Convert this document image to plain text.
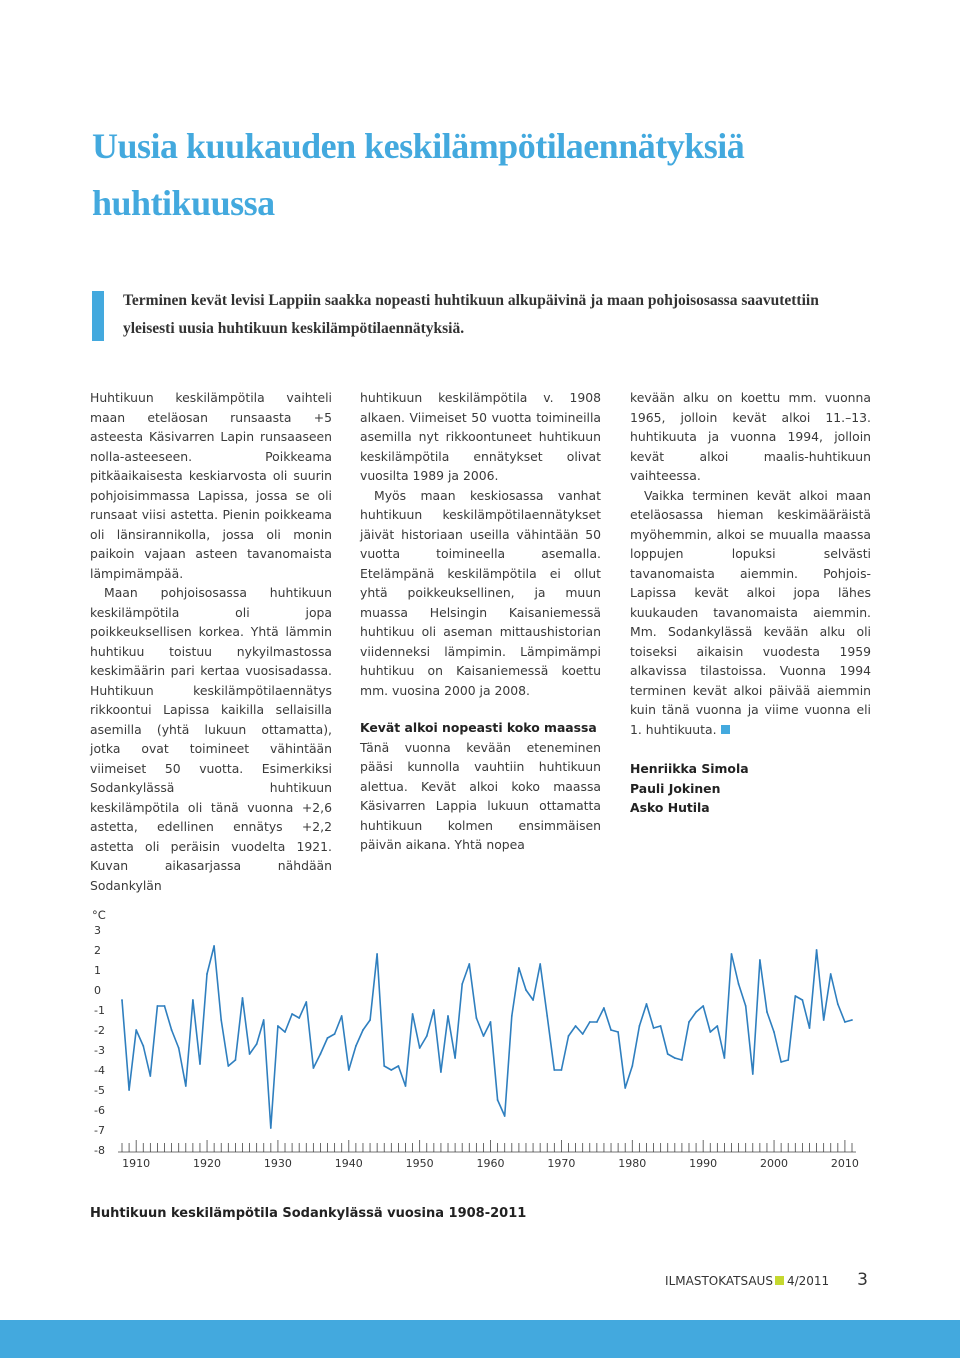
Uusia kuukauden keskilämpötilaennätyksiä huhtikuussa

Terminen kevät levisi Lappiin saakka nopeasti huhtikuun alkupäivinä ja maan pohjoisosassa saavutettiin yleisesti uusia huhtikuun keskilämpötilaennätyksiä.

Huhtikuun keskilämpötila vaihteli maan eteläosan runsaasta +5 asteesta Käsivarren Lapin runsaaseen nolla-asteeseen. Poikkeama pitkäaikaisesta keskiarvosta oli suurin pohjoisimmassa Lapissa, jossa se oli runsaat viisi astetta. Pienin poikkeama oli länsirannikolla, jossa oli monin paikoin vajaan asteen tavanomaista lämpimämpää.

Maan pohjoisosassa huhtikuun keskilämpötila oli jopa poikkeuksellisen korkea. Yhtä lämmin huhtikuu toistuu nykyilmastossa keskimäärin pari kertaa vuosisadassa. Huhtikuun keskilämpötilaennätys rikkoontui Lapissa kaikilla sellaisilla asemilla (yhtä lukuun ottamatta), jotka ovat toimineet vähintään viimeiset 50 vuotta. Esimerkiksi Sodankylässä huhtikuun keskilämpötila oli tänä vuonna +2,6 astetta, edellinen ennätys +2,2 astetta oli peräisin vuodelta 1921. Kuvan aikasarjassa nähdään Sodankylän

huhtikuun keskilämpötila v. 1908 alkaen. Viimeiset 50 vuotta toimineilla asemilla nyt rikkoontuneet huhtikuun keskilämpötila ennätykset olivat vuosilta 1989 ja 2006.

Myös maan keskiosassa vanhat huhtikuun keskilämpötilaennätykset jäivät historiaan useilla vähintään 50 vuotta toimineella asemalla. Etelämpänä keskilämpötila ei ollut yhtä poikkeuksellinen, ja muun muassa Helsingin Kaisaniemessä huhtikuu oli aseman mittaushistorian viidenneksi lämpimin. Lämpimämpi huhtikuu on Kaisaniemessä koettu mm. vuosina 2000 ja 2008.

Kevät alkoi nopeasti koko maassa

Tänä vuonna kevään eteneminen pääsi kunnolla vauhtiin huhtikuun alettua. Kevät alkoi koko maassa Käsivarren Lappia lukuun ottamatta huhtikuun kolmen ensimmäisen päivän aikana. Yhtä nopea

kevään alku on koettu mm. vuonna 1965, jolloin kevät alkoi 11.–13. huhtikuuta ja vuonna 1994, jolloin kevät alkoi maalis-huhtikuun vaihteessa.

Vaikka terminen kevät alkoi maan eteläosassa hieman keskimääräistä myöhemmin, alkoi se muualla maassa loppujen lopuksi selvästi tavanomaista aiemmin. Pohjois-Lapissa kevät alkoi jopa lähes kuukauden tavanomaista aiemmin. Mm. Sodankylässä kevään alku oli toiseksi aikaisin vuodesta 1959 alkavissa tilastoissa. Vuonna 1994 terminen kevät alkoi päivää aiemmin kuin tänä vuonna ja viime vuonna eli 1. huhtikuuta.

Henriikka Simola
Pauli Jokinen
Asko Hutila

°C
3
2
1
0
-1
-2
-3
-4
-5
-6
-7
-8
1910	1920	1930	1940	1950	1960	1970	1980	1990	2000	2010

Huhtikuun keskilämpötila Sodankylässä vuosina 1908-2011

ILMASTOKATSAUS 4/2011 3
